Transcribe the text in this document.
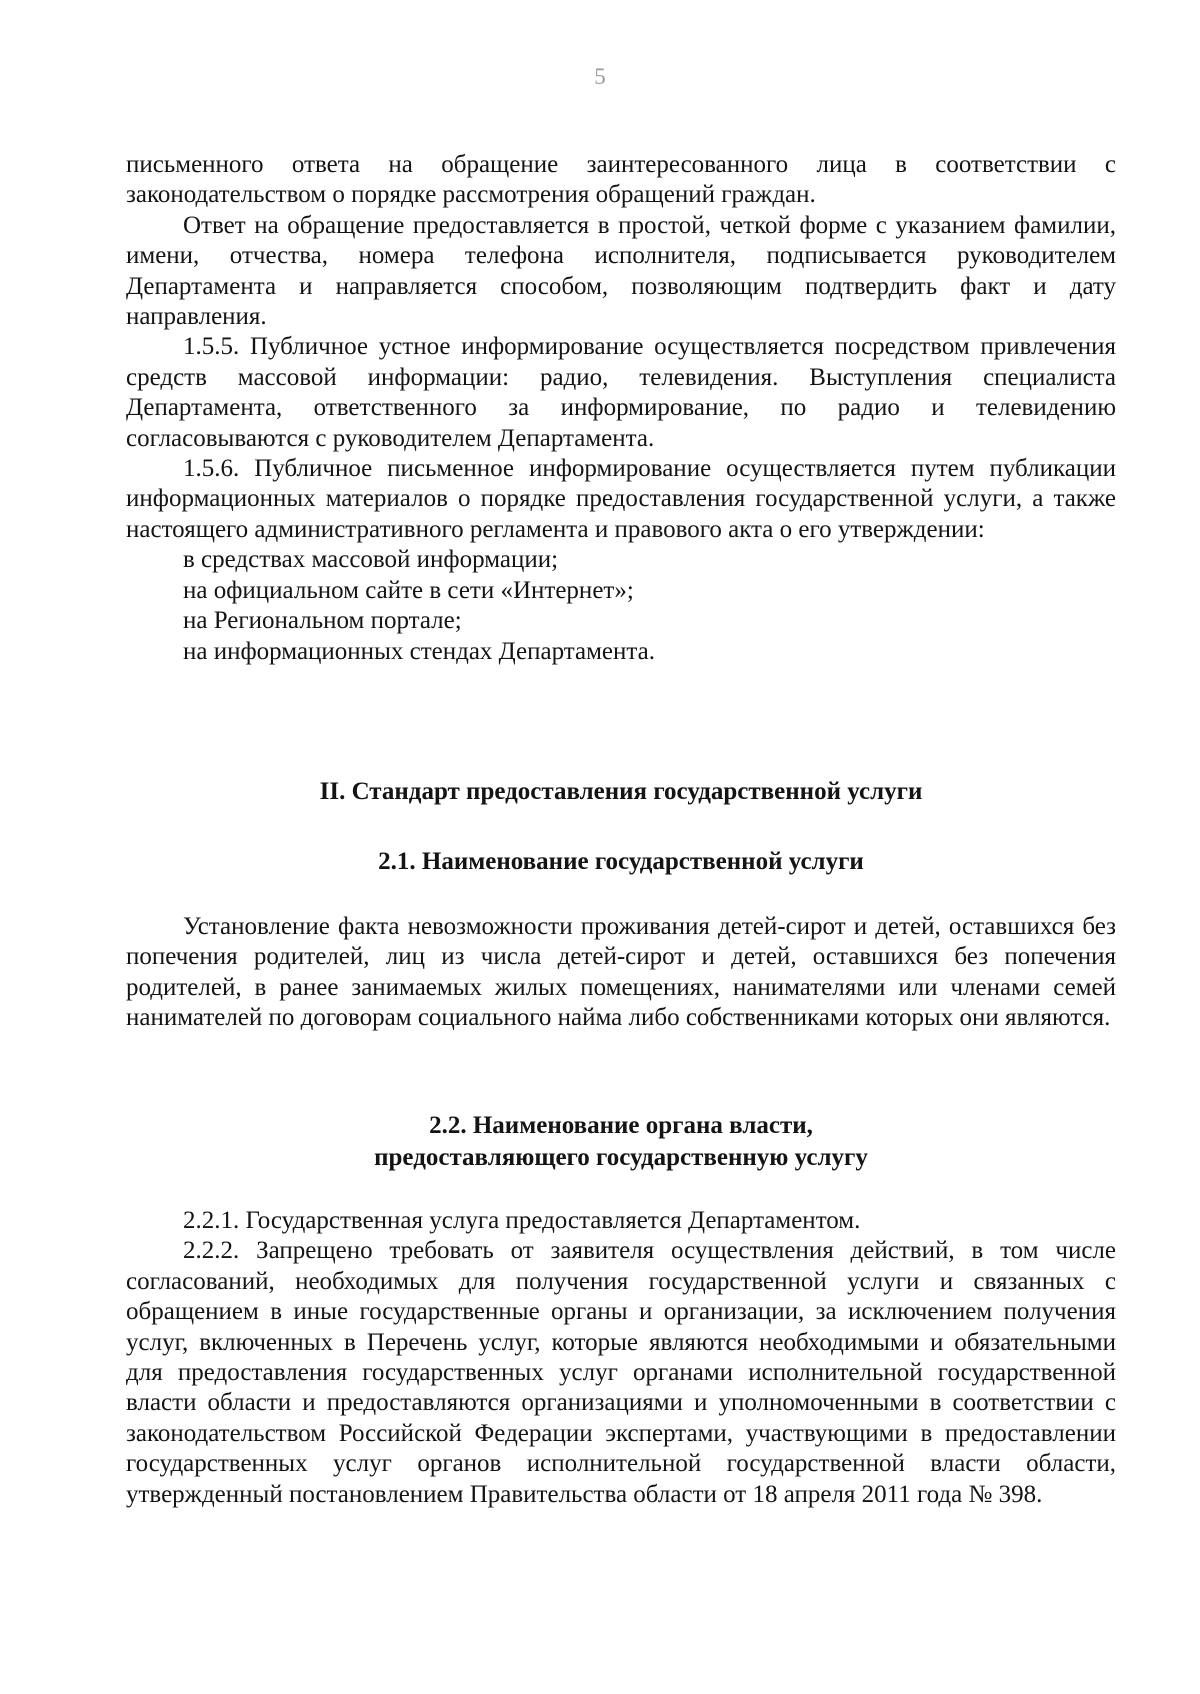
5

письменного ответа на обращение заинтересованного лица в соответствии с законодательством о порядке рассмотрения обращений граждан.

Ответ на обращение предоставляется в простой, четкой форме с указанием фамилии, имени, отчества, номера телефона исполнителя, подписывается руководителем Департамента и направляется способом, позволяющим подтвердить факт и дату направления.

1.5.5. Публичное устное информирование осуществляется посредством привлечения средств массовой информации: радио, телевидения. Выступления специалиста Департамента, ответственного за информирование, по радио и телевидению согласовываются с руководителем Департамента.

1.5.6. Публичное письменное информирование осуществляется путем публикации информационных материалов о порядке предоставления государственной услуги, а также настоящего административного регламента и правового акта о его утверждении:

в средствах массовой информации;

на официальном сайте в сети «Интернет»;

на Региональном портале;

на информационных стендах Департамента.

II. Стандарт предоставления государственной услуги

2.1. Наименование государственной услуги

Установление факта невозможности проживания детей-сирот и детей, оставшихся без попечения родителей, лиц из числа детей-сирот и детей, оставшихся без попечения родителей, в ранее занимаемых жилых помещениях, нанимателями или членами семей нанимателей по договорам социального найма либо собственниками которых они являются.

2.2. Наименование органа власти,

предоставляющего государственную услугу

2.2.1. Государственная услуга предоставляется Департаментом.

2.2.2. Запрещено требовать от заявителя осуществления действий, в том числе согласований, необходимых для получения государственной услуги и связанных с обращением в иные государственные органы и организации, за исключением получения услуг, включенных в Перечень услуг, которые являются необходимыми и обязательными для предоставления государственных услуг органами исполнительной государственной власти области и предоставляются организациями и уполномоченными в соответствии с законодательством Российской Федерации экспертами, участвующими в предоставлении государственных услуг органов исполнительной государственной власти области, утвержденный постановлением Правительства области от 18 апреля 2011 года № 398.
